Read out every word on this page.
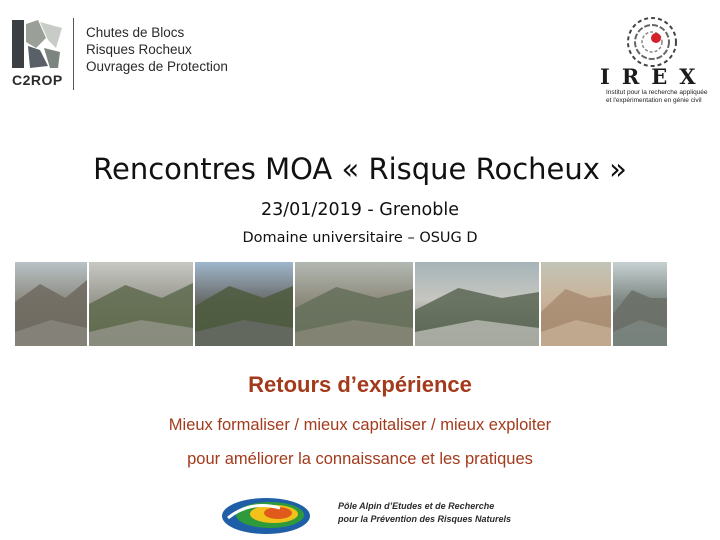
C2ROP
Chutes de Blocs
Risques Rocheux
Ouvrages de Protection	IREX
Institut pour la recherche appliquée et l'expérimentation en génie civil
Rencontres MOA « Risque Rocheux »
23/01/2019 - Grenoble
Domaine universitaire – OSUG D
Retours d’expérience
Mieux formaliser / mieux capitaliser / mieux exploiter
pour améliorer la connaissance et les pratiques
Pôle Alpin d’Etudes et de Recherche
pour la Prévention des Risques Naturels
